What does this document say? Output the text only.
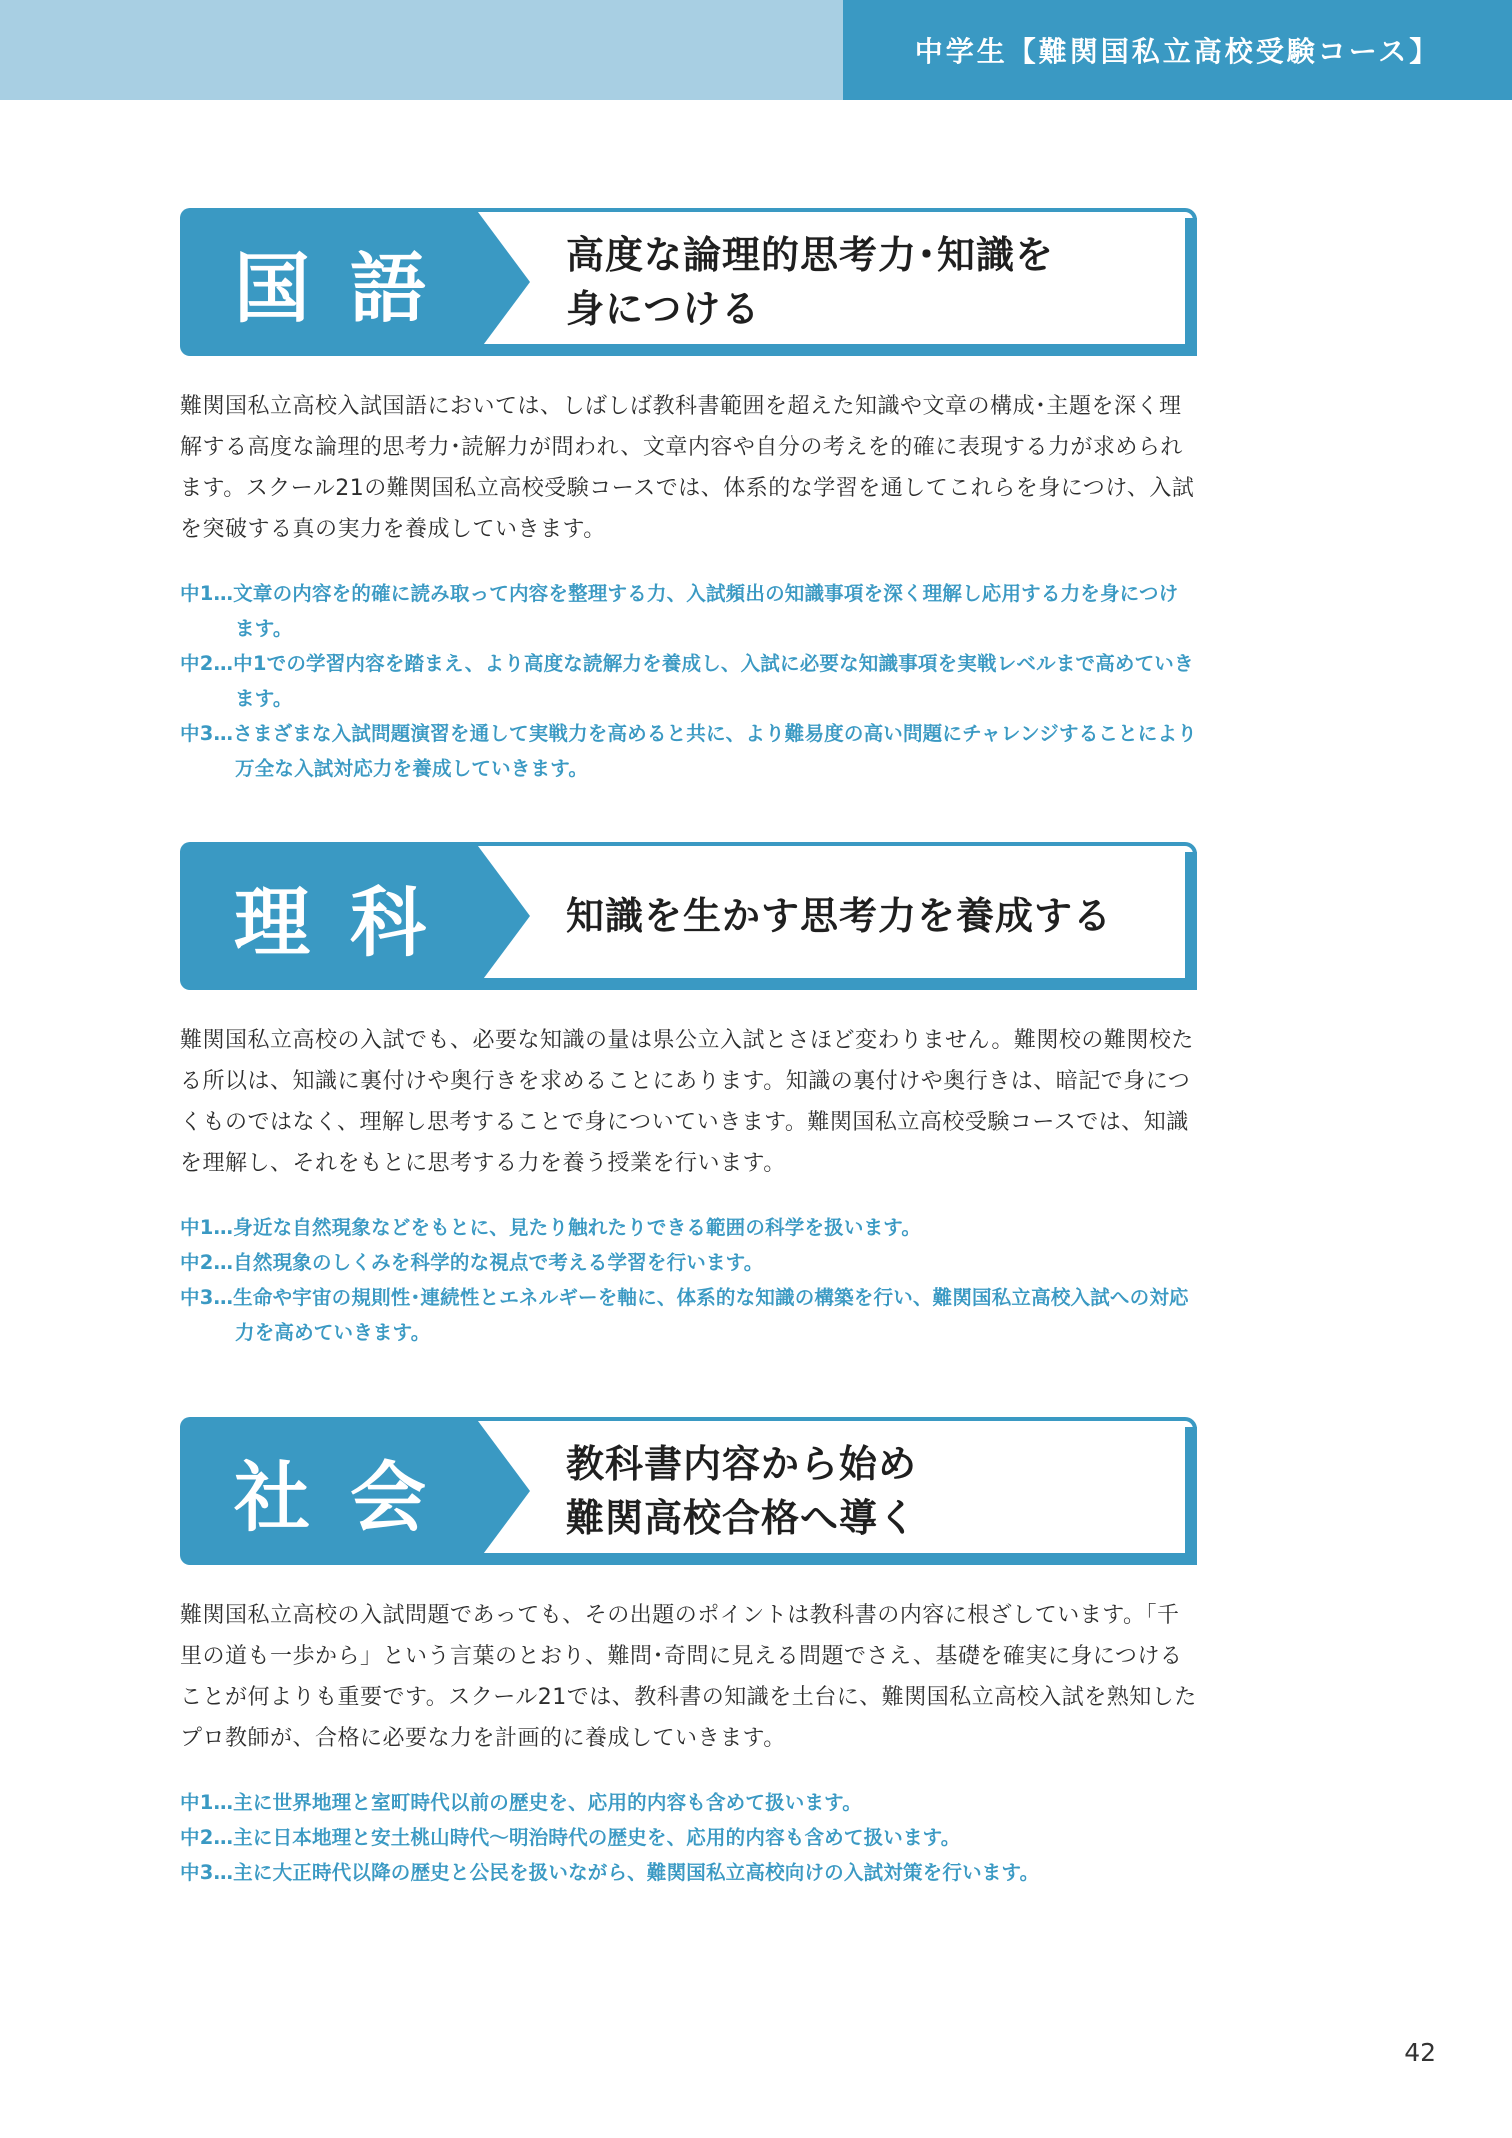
中学生【難関国私立高校受験コース】
国語	高度な論理的思考力･知識を
身につける
難関国私立高校入試国語においては、しばしば教科書範囲を超えた知識や文章の構成･主題を深く理解する高度な論理的思考力･読解力が問われ、文章内容や自分の考えを的確に表現する力が求められます。スクール21の難関国私立高校受験コースでは、体系的な学習を通してこれらを身につけ、入試を突破する真の実力を養成していきます。
中1…文章の内容を的確に読み取って内容を整理する力、入試頻出の知識事項を深く理解し応用する力を身につけます。
中2…中1での学習内容を踏まえ、より高度な読解力を養成し、入試に必要な知識事項を実戦レベルまで高めていきます。
中3…さまざまな入試問題演習を通して実戦力を高めると共に、より難易度の高い問題にチャレンジすることにより万全な入試対応力を養成していきます。
理科	知識を生かす思考力を養成する
難関国私立高校の入試でも、必要な知識の量は県公立入試とさほど変わりません。難関校の難関校たる所以は、知識に裏付けや奥行きを求めることにあります。知識の裏付けや奥行きは、暗記で身につくものではなく、理解し思考することで身についていきます。難関国私立高校受験コースでは、知識を理解し、それをもとに思考する力を養う授業を行います。
中1…身近な自然現象などをもとに、見たり触れたりできる範囲の科学を扱います。
中2…自然現象のしくみを科学的な視点で考える学習を行います。
中3…生命や宇宙の規則性･連続性とエネルギーを軸に、体系的な知識の構築を行い、難関国私立高校入試への対応力を高めていきます。
社会	教科書内容から始め
難関高校合格へ導く
難関国私立高校の入試問題であっても、その出題のポイントは教科書の内容に根ざしています。「千里の道も一歩から」という言葉のとおり、難問･奇問に見える問題でさえ、基礎を確実に身につけることが何よりも重要です。スクール21では、教科書の知識を土台に、難関国私立高校入試を熟知したプロ教師が、合格に必要な力を計画的に養成していきます。
中1…主に世界地理と室町時代以前の歴史を、応用的内容も含めて扱います。
中2…主に日本地理と安土桃山時代～明治時代の歴史を、応用的内容も含めて扱います。
中3…主に大正時代以降の歴史と公民を扱いながら、難関国私立高校向けの入試対策を行います。
42
